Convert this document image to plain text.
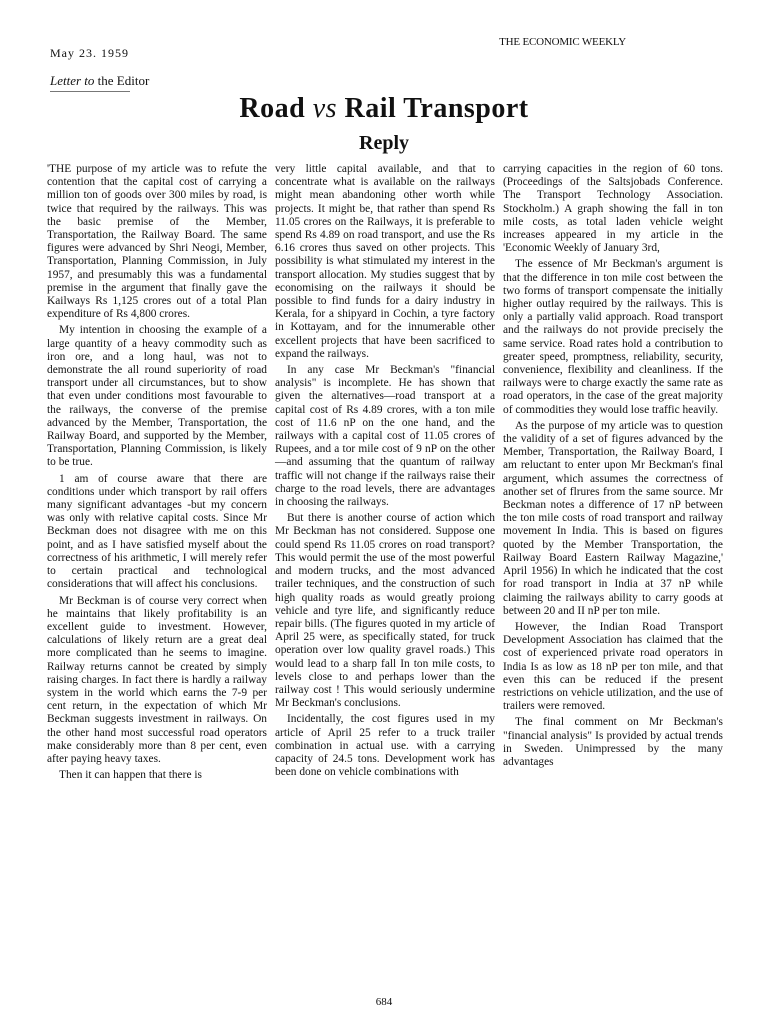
THE ECONOMIC WEEKLY
May 23. 1959
Letter to the Editor
Road vs Rail Transport
Reply

'THE purpose of my article was to refute the contention that the capital cost of carrying a million ton of goods over 300 miles by road, is twice that required by the railways. This was the basic premise of the Member, Transportation, the Railway Board. The same figures were advanced by Shri Neogi, Member, Transportation, Planning Commission, in July 1957, and presumably this was a fundamental premise in the argument that finally gave the Kailways Rs 1,125 crores out of a total Plan expenditure of Rs 4,800 crores.

My intention in choosing the example of a large quantity of a heavy commodity such as iron ore, and a long haul, was not to demonstrate the all round superiority of road transport under all circumstances, but to show that even under conditions most favourable to the railways, the converse of the premise advanced by the Member, Transportation, the Railway Board, and supported by the Member, Transportation, Planning Commission, is likely to be true.

1 am of course aware that there are conditions under which transport by rail offers many significant advantages -but my concern was only with relative capital costs. Since Mr Beckman does not disagree with me on this point, and as I have satisfied myself about the correctness of his arithmetic, I will merely refer to certain practical and technological considerations that will affect his conclusions.

Mr Beckman is of course very correct when he maintains that likely profitability is an excellent guide to investment. However, calculations of likely return are a great deal more complicated than he seems to imagine. Railway returns cannot be created by simply raising charges. In fact there is hardly a railway system in the world which earns the 7-9 per cent return, in the expectation of which Mr Beckman suggests investment in railways. On the other hand most successful road operators make considerably more than 8 per cent, even after paying heavy taxes.

Then it can happen that there is

very little capital available, and that to concentrate what is available on the railways might mean abandoning other worth while projects. It might be, that rather than spend Rs 11.05 crores on the Railways, it is preferable to spend Rs 4.89 on road transport, and use the Rs 6.16 crores thus saved on other projects. This possibility is what stimulated my interest in the transport allocation. My studies suggest that by economising on the railways it should be possible to find funds for a dairy industry in Kerala, for a shipyard in Cochin, a tyre factory in Kottayam, and for the innumerable other excellent projects that have been sacrificed to expand the railways.

In any case Mr Beckman's "financial analysis" is incomplete. He has shown that given the alternatives—road transport at a capital cost of Rs 4.89 crores, with a ton mile cost of 11.6 nP on the one hand, and the railways with a capital cost of 11.05 crores of Rupees, and a tor mile cost of 9 nP on the other—and assuming that the quantum of railway traffic will not change if the railways raise their charge to the road levels, there are advantages in choosing the railways.

But there is another course of action which Mr Beckman has not considered. Suppose one could spend Rs 11.05 crores on road transport? This would permit the use of the most powerful and modern trucks, and the most advanced trailer techniques, and the construction of such high quality roads as would greatly proiong vehicle and tyre life, and significantly reduce repair bills. (The figures quoted in my article of April 25 were, as specifically stated, for truck operation over low quality gravel roads.) This would lead to a sharp fall In ton mile costs, to levels close to and perhaps lower than the railway cost ! This would seriously undermine Mr Beckman's conclusions.

Incidentally, the cost figures used in my article of April 25 refer to a truck trailer combination in actual use. with a carrying capacity of 24.5 tons. Development work has been done on vehicle combinations with

carrying capacities in the region of 60 tons. (Proceedings of the Saltsjobads Conference. The Transport Technology Association. Stockholm.) A graph showing the fall in ton mile costs, as total laden vehicle weight increases appeared in my article in the 'Economic Weekly of January 3rd,

The essence of Mr Beckman's argument is that the difference in ton mile cost between the two forms of transport compensate the initially higher outlay required by the railways. This is only a partially valid approach. Road transport and the railways do not provide precisely the same service. Road rates hold a contribution to greater speed, promptness, reliability, security, convenience, flexibility and cleanliness. If the railways were to charge exactly the same rate as road operators, in the case of the great majority of commodities they would lose traffic heavily.

As the purpose of my article was to question the validity of a set of figures advanced by the Member, Transportation, the Railway Board, I am reluctant to enter upon Mr Beckman's final argument, which assumes the correctness of another set of flrures from the same source. Mr Beckman notes a difference of 17 nP between the ton mile costs of road transport and railway movement In India. This is based on figures quoted by the Member Transportation, the Railway Board Eastern Railway Magazine,' April 1956) In which he indicated that the cost for road transport in India at 37 nP while claiming the railways ability to carry goods at between 20 and II nP per ton mile.

However, the Indian Road Transport Development Association has claimed that the cost of experienced private road operators in India Is as low as 18 nP per ton mile, and that even this can be reduced if the present restrictions on vehicle utilization, and the use of trailers were removed.

The final comment on Mr Beckman's "financial analysis" Is provided by actual trends in Sweden. Unimpressed by the many advantages

684
